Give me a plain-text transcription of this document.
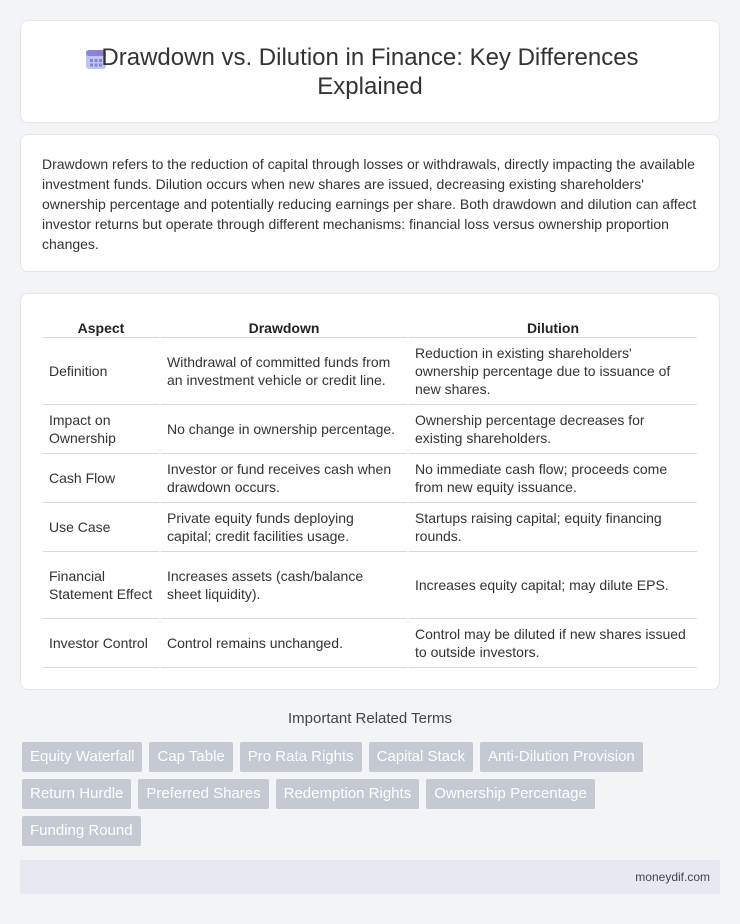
Drawdown vs. Dilution in Finance: Key Differences Explained

Drawdown refers to the reduction of capital through losses or withdrawals, directly impacting the available investment funds. Dilution occurs when new shares are issued, decreasing existing shareholders' ownership percentage and potentially reducing earnings per share. Both drawdown and dilution can affect investor returns but operate through different mechanisms: financial loss versus ownership proportion changes.

Aspect	Drawdown	Dilution
Definition	Withdrawal of committed funds from an investment vehicle or credit line.	Reduction in existing shareholders' ownership percentage due to issuance of new shares.
Impact on Ownership	No change in ownership percentage.	Ownership percentage decreases for existing shareholders.
Cash Flow	Investor or fund receives cash when drawdown occurs.	No immediate cash flow; proceeds come from new equity issuance.
Use Case	Private equity funds deploying capital; credit facilities usage.	Startups raising capital; equity financing rounds.
Financial Statement Effect	Increases assets (cash/balance sheet liquidity).	Increases equity capital; may dilute EPS.
Investor Control	Control remains unchanged.	Control may be diluted if new shares issued to outside investors.
Important Related Terms
Equity Waterfall	Cap Table	Pro Rata Rights	Capital Stack	Anti-Dilution Provision
Return Hurdle	Preferred Shares	Redemption Rights	Ownership Percentage
Funding Round
moneydif.com
